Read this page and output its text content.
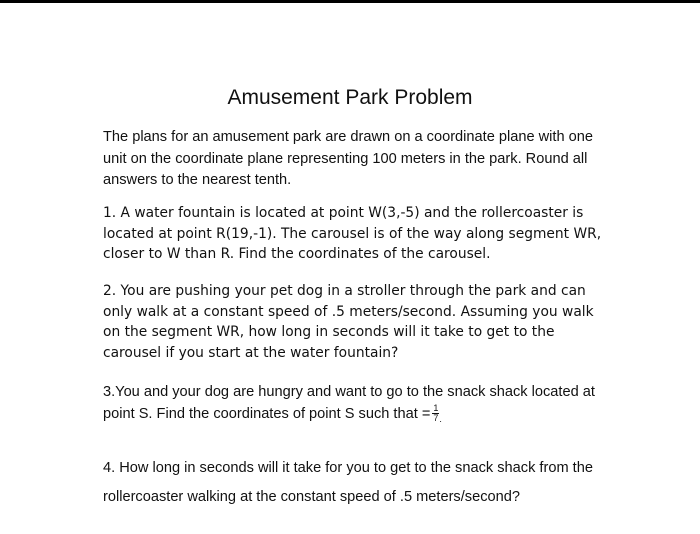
Amusement Park Problem

The plans for an amusement park are drawn on a coordinate plane with one unit on the coordinate plane representing 100 meters in the park. Round all answers to the nearest tenth.

1. A water fountain is located at point W(3,-5) and the rollercoaster is located at point R(19,-1). The carousel is of the way along segment WR, closer to W than R. Find the coordinates of the carousel.

2. You are pushing your pet dog in a stroller through the park and can only walk at a constant speed of .5 meters/second. Assuming you walk on the segment WR, how long in seconds will it take to get to the carousel if you start at the water fountain?

3.You and your dog are hungry and want to go to the snack shack located at point S. Find the coordinates of point S such that = $\frac{1}{7} _.$

4. How long in seconds will it take for you to get to the snack shack from the rollercoaster walking at the constant speed of .5 meters/second?
